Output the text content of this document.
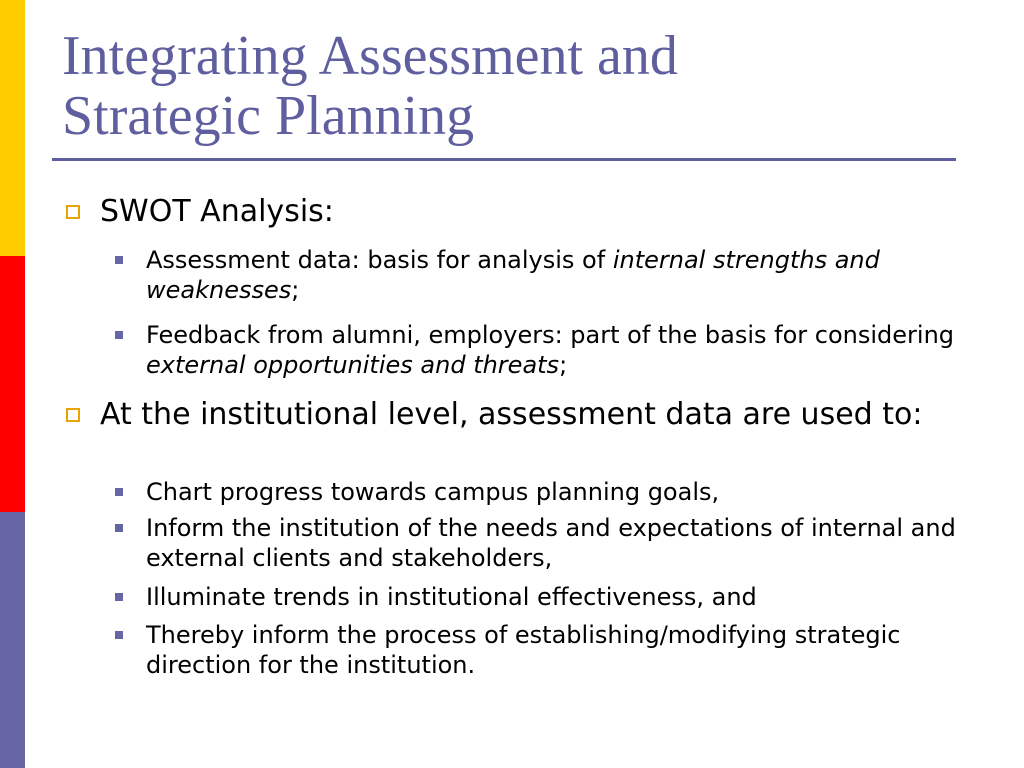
Integrating Assessment and
Strategic Planning
SWOT Analysis:
Assessment data: basis for analysis of internal strengths and weaknesses;
Feedback from alumni, employers: part of the basis for considering external opportunities and threats;
At the institutional level, assessment data are used to:
Chart progress towards campus planning goals,
Inform the institution of the needs and expectations of internal and external clients and stakeholders,
Illuminate trends in institutional effectiveness, and
Thereby inform the process of establishing/modifying strategic direction for the institution.
